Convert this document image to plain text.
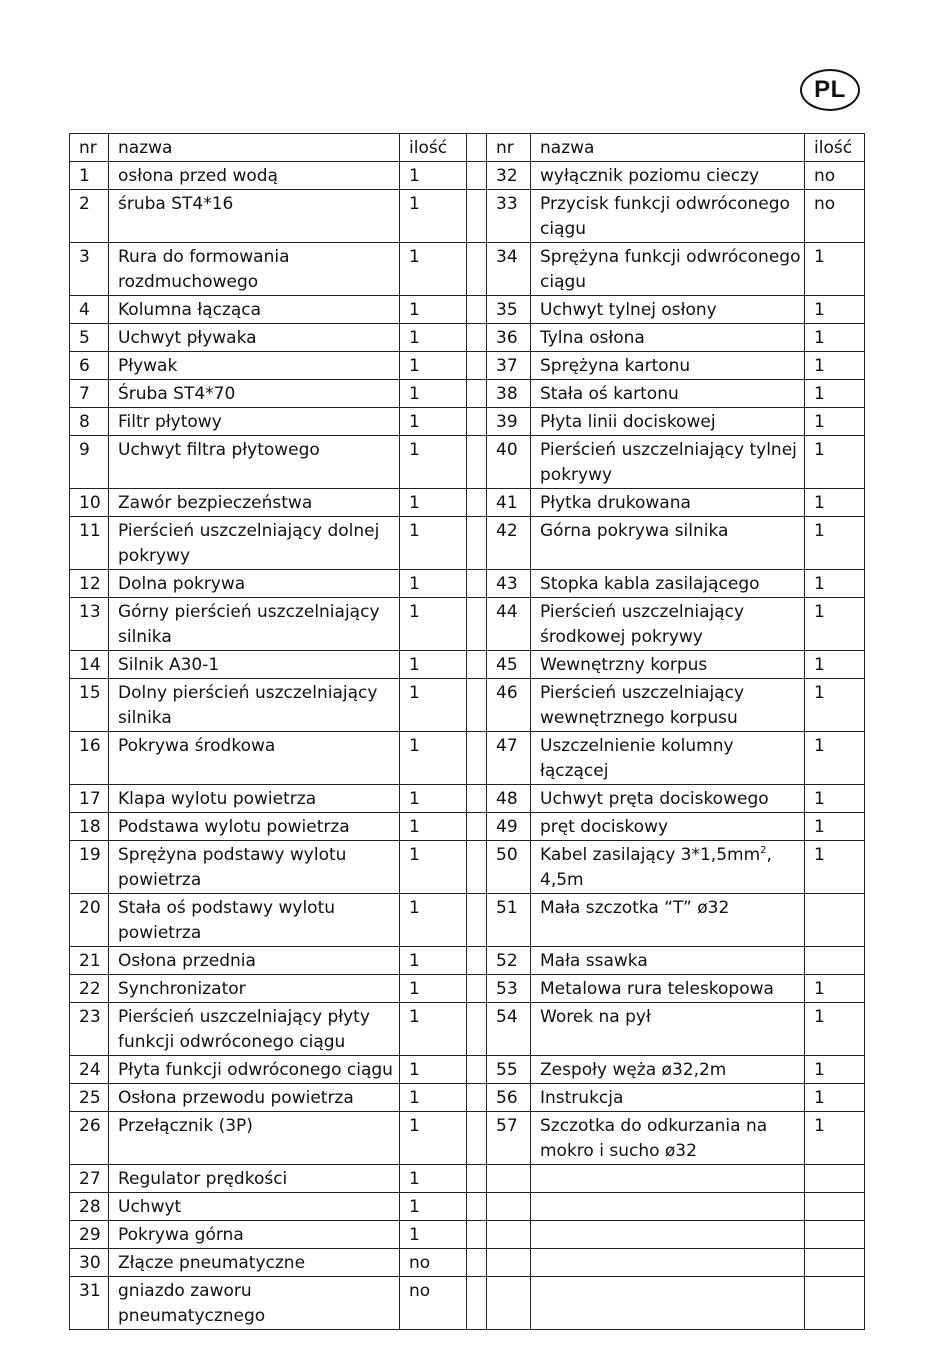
PL
nr	nazwa	ilość		nr	nazwa	ilość
1	osłona przed wodą	1		32	wyłącznik poziomu cieczy	no
2	śruba ST4*16	1		33	Przycisk funkcji odwróconego ciągu	no
3	Rura do formowania rozdmuchowego	1		34	Sprężyna funkcji odwróconego ciągu	1
4	Kolumna łącząca	1		35	Uchwyt tylnej osłony	1
5	Uchwyt pływaka	1		36	Tylna osłona	1
6	Pływak	1		37	Sprężyna kartonu	1
7	Śruba ST4*70	1		38	Stała oś kartonu	1
8	Filtr płytowy	1		39	Płyta linii dociskowej	1
9	Uchwyt filtra płytowego	1		40	Pierścień uszczelniający tylnej pokrywy	1
10	Zawór bezpieczeństwa	1		41	Płytka drukowana	1
11	Pierścień uszczelniający dolnej pokrywy	1		42	Górna pokrywa silnika	1
12	Dolna pokrywa	1		43	Stopka kabla zasilającego	1
13	Górny pierścień uszczelniający silnika	1		44	Pierścień uszczelniający środkowej pokrywy	1
14	Silnik A30-1	1		45	Wewnętrzny korpus	1
15	Dolny pierścień uszczelniający silnika	1		46	Pierścień uszczelniający wewnętrznego korpusu	1
16	Pokrywa środkowa	1		47	Uszczelnienie kolumny łączącej	1
17	Klapa wylotu powietrza	1		48	Uchwyt pręta dociskowego	1
18	Podstawa wylotu powietrza	1		49	pręt dociskowy	1
19	Sprężyna podstawy wylotu powietrza	1		50	Kabel zasilający $3*1,5mm^2$, 4,5m	1
20	Stała oś podstawy wylotu powietrza	1		51	Mała szczotka “T” ø32	
21	Osłona przednia	1		52	Mała ssawka	
22	Synchronizator	1		53	Metalowa rura teleskopowa	1
23	Pierścień uszczelniający płyty funkcji odwróconego ciągu	1		54	Worek na pył	1
24	Płyta funkcji odwróconego ciągu	1		55	Zespoły węża ø32,2m	1
25	Osłona przewodu powietrza	1		56	Instrukcja	1
26	Przełącznik (3P)	1		57	Szczotka do odkurzania na mokro i sucho ø32	1
27	Regulator prędkości	1				
28	Uchwyt	1				
29	Pokrywa górna	1				
30	Złącze pneumatyczne	no				
31	gniazdo zaworu pneumatycznego	no				
